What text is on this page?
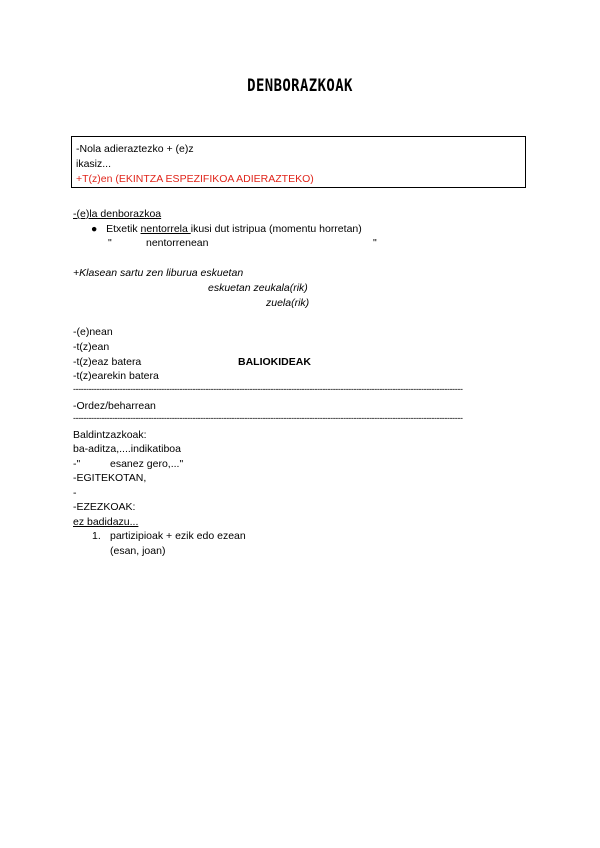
DENBORAZKOAK
-Nola adieraztezko + (e)z
ikasiz...
+T(z)en (EKINTZA ESPEZIFIKOA ADIERAZTEKO)
-(e)la denborazkoa
● Etxetik nentorrela ikusi dut istripua (momentu horretan)
"	nentorrenean	"
+Klasean sartu zen liburua eskuetan
eskuetan zeukala(rik)
zuela(rik)
-(e)nean
-t(z)ean
-t(z)eaz batera	BALIOKIDEAK
-t(z)earekin batera
------------------------------------------------------------------------------------------------------------------------------------------------------
-Ordez/beharrean
------------------------------------------------------------------------------------------------------------------------------------------------------
Baldintzazkoak:
ba-aditza,....indikatiboa
-"	esanez gero,..."
-EGITEKOTAN,
-
-EZEZKOAK:
ez badidazu...
1. partizipioak + ezik edo ezean
(esan, joan)
